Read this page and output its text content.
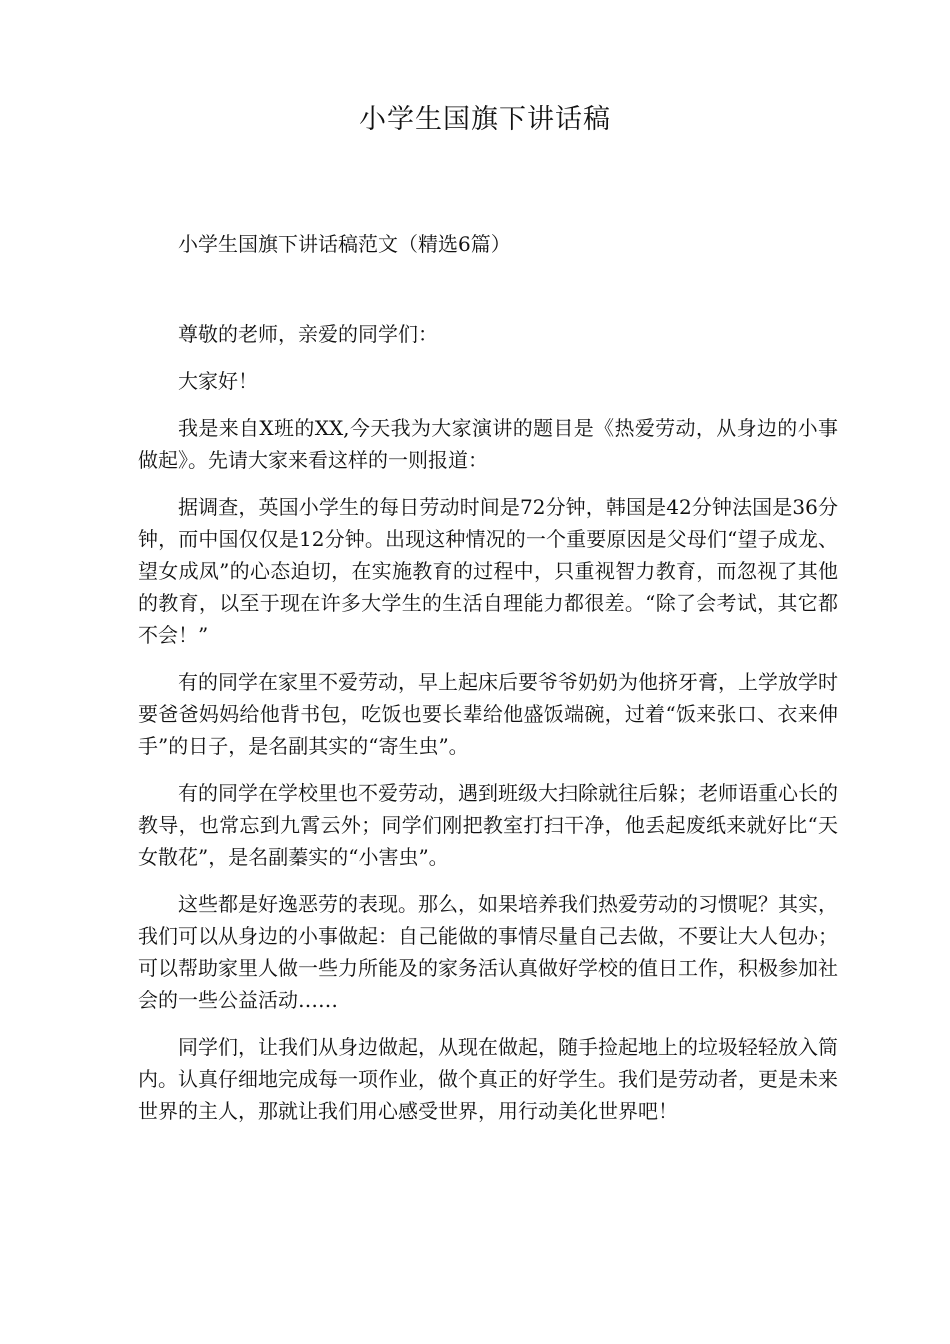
小学生国旗下讲话稿

小学生国旗下讲话稿范文（精选6篇）

尊敬的老师，亲爱的同学们：

大家好！

我是来自X班的XX,今天我为大家演讲的题目是《热爱劳动，从身边的小事做起》。先请大家来看这样的一则报道：

据调查，英国小学生的每日劳动时间是72分钟，韩国是42分钟法国是36分钟，而中国仅仅是12分钟。出现这种情况的一个重要原因是父母们“望子成龙、望女成凤”的心态迫切，在实施教育的过程中，只重视智力教育，而忽视了其他的教育，以至于现在许多大学生的生活自理能力都很差。“除了会考试，其它都不会！”

有的同学在家里不爱劳动，早上起床后要爷爷奶奶为他挤牙膏，上学放学时要爸爸妈妈给他背书包，吃饭也要长辈给他盛饭端碗，过着“饭来张口、衣来伸手”的日子，是名副其实的“寄生虫”。

有的同学在学校里也不爱劳动，遇到班级大扫除就往后躲；老师语重心长的教导，也常忘到九霄云外；同学们刚把教室打扫干净，他丢起废纸来就好比“天女散花”，是名副蓁实的“小害虫”。

这些都是好逸恶劳的表现。那么，如果培养我们热爱劳动的习惯呢？其实，我们可以从身边的小事做起：自己能做的事情尽量自己去做，不要让大人包办；可以帮助家里人做一些力所能及的家务活认真做好学校的值日工作，积极参加社会的一些公益活动……

同学们，让我们从身边做起，从现在做起，随手捡起地上的垃圾轻轻放入筒内。认真仔细地完成每一项作业，做个真正的好学生。我们是劳动者，更是未来世界的主人，那就让我们用心感受世界，用行动美化世界吧！
